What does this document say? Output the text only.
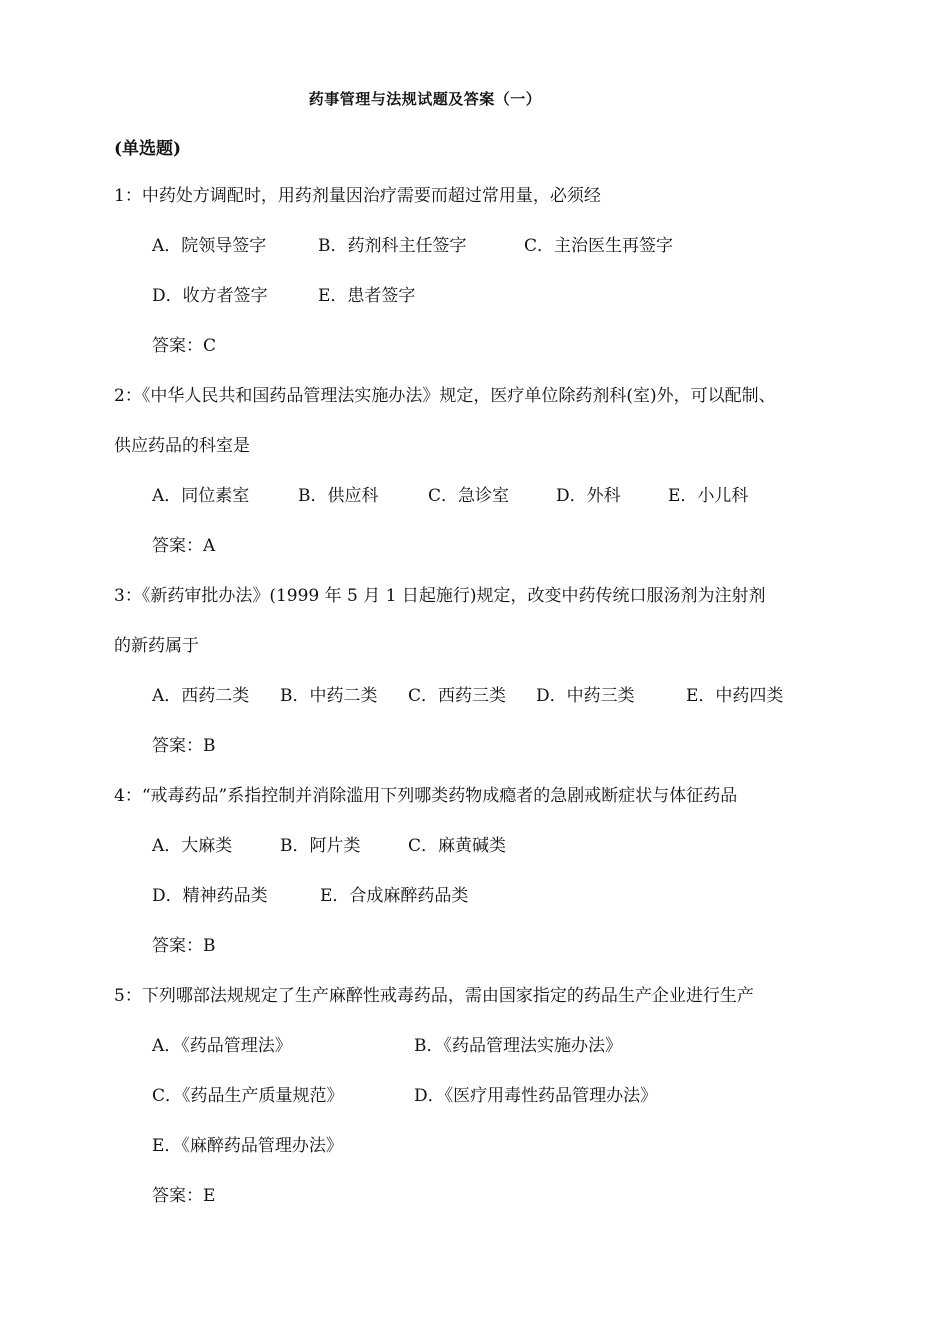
药事管理与法规试题及答案（一）
(单选题)
1：中药处方调配时，用药剂量因治疗需要而超过常用量，必须经
A．院领导签字	B．药剂科主任签字	C．主治医生再签字
D．收方者签字	E．患者签字
答案：C
2：《中华人民共和国药品管理法实施办法》规定，医疗单位除药剂科(室)外，可以配制、
供应药品的科室是
A．同位素室	B．供应科	C．急诊室	D．外科	E．小儿科
答案：A
3：《新药审批办法》(1999 年 5 月 1 日起施行)规定，改变中药传统口服汤剂为注射剂
的新药属于
A．西药二类 B．中药二类 C．西药三类 D．中药三类	E．中药四类
答案：B
4：“戒毒药品”系指控制并消除滥用下列哪类药物成瘾者的急剧戒断症状与体征药品
A．大麻类	B．阿片类	C．麻黄碱类
D．精神药品类	E．合成麻醉药品类
答案：B
5：下列哪部法规规定了生产麻醉性戒毒药品，需由国家指定的药品生产企业进行生产
A．《药品管理法》	B．《药品管理法实施办法》
C．《药品生产质量规范》	D．《医疗用毒性药品管理办法》
E．《麻醉药品管理办法》
答案：E
